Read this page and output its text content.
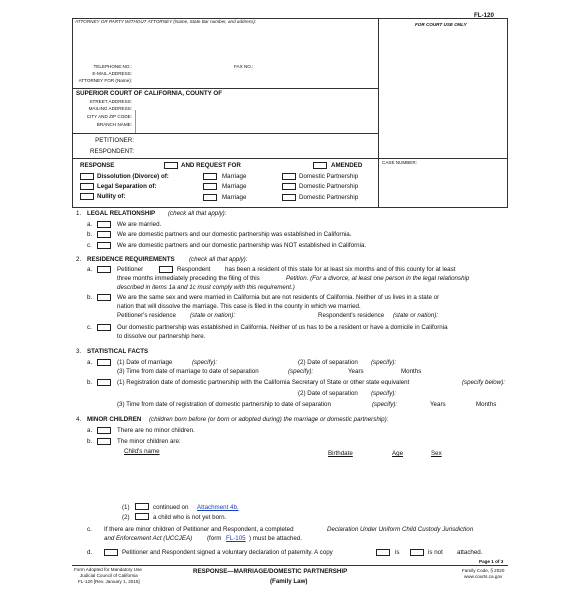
FL-120
ATTORNEY OR PARTY WITHOUT ATTORNEY (Name, State Bar number, and address):
FOR COURT USE ONLY
TELEPHONE NO.:	FAX NO.:
E-MAIL ADDRESS:
ATTORNEY FOR (Name):
SUPERIOR COURT OF CALIFORNIA, COUNTY OF
STREET ADDRESS:
MAILING ADDRESS:
CITY AND ZIP CODE:
BRANCH NAME:
PETITIONER:
RESPONDENT:
RESPONSE	AND REQUEST FOR	AMENDED	CASE NUMBER:
Dissolution (Divorce) of:	Marriage	Domestic Partnership
Legal Separation of:	Marriage	Domestic Partnership
Nullity of:	Marriage	Domestic Partnership
1. LEGAL RELATIONSHIP (check all that apply):
a.	We are married.
b.	We are domestic partners and our domestic partnership was established in California.
c.	We are domestic partners and our domestic partnership was NOT established in California.
2. RESIDENCE REQUIREMENTS (check all that apply):
a.	Petitioner	Respondent has been a resident of this state for at least six months and of this county for at least
three months immediately preceding the filing of this	Petition. (For a divorce, at least one person in the legal relationship
described in items 1a and 1c must comply with this requirement.)
b.	We are the same sex and were married in California but are not residents of California. Neither of us lives in a state or
nation that will dissolve the marriage. This case is filed in the county in which we married.
Petitioner's residence (state or nation):	Respondent's residence (state or nation):
c.	Our domestic partnership was established in California. Neither of us has to be a resident or have a domicile in California
to dissolve our partnership here.
3. STATISTICAL FACTS
a.	(1) Date of marriage	(specify):	(2) Date of separation (specify):
(3) Time from date of marriage to date of separation	(specify):	Years	Months
b.	(1) Registration date of domestic partnership with the California Secretary of State or other state equivalent	(specify below):
(2) Date of separation (specify):
(3) Time from date of registration of domestic partnership to date of separation	(specify):	Years	Months
4. MINOR CHILDREN (children born before (or born or adopted during) the marriage or domestic partnership):
a.	There are no minor children.
b.	The minor children are:
Child's name	Birthdate	Age	Sex
(1)	continued on Attachment 4b.
(2)	a child who is not yet born.
c. If there are minor children of Petitioner and Respondent, a completed	Declaration Under Uniform Child Custody Jurisdiction
and Enforcement Act (UCCJEA) (form FL-105 ) must be attached.
d.	Petitioner and Respondent signed a voluntary declaration of paternity. A copy	is	is not attached.
Page 1 of 3
Form Adopted for Mandatory Use
Judicial Council of California
FL-120 [Rev. January 1, 2015]
RESPONSE—MARRIAGE/DOMESTIC PARTNERSHIP
(Family Law)
Family Code, § 2020
www.courts.ca.gov
